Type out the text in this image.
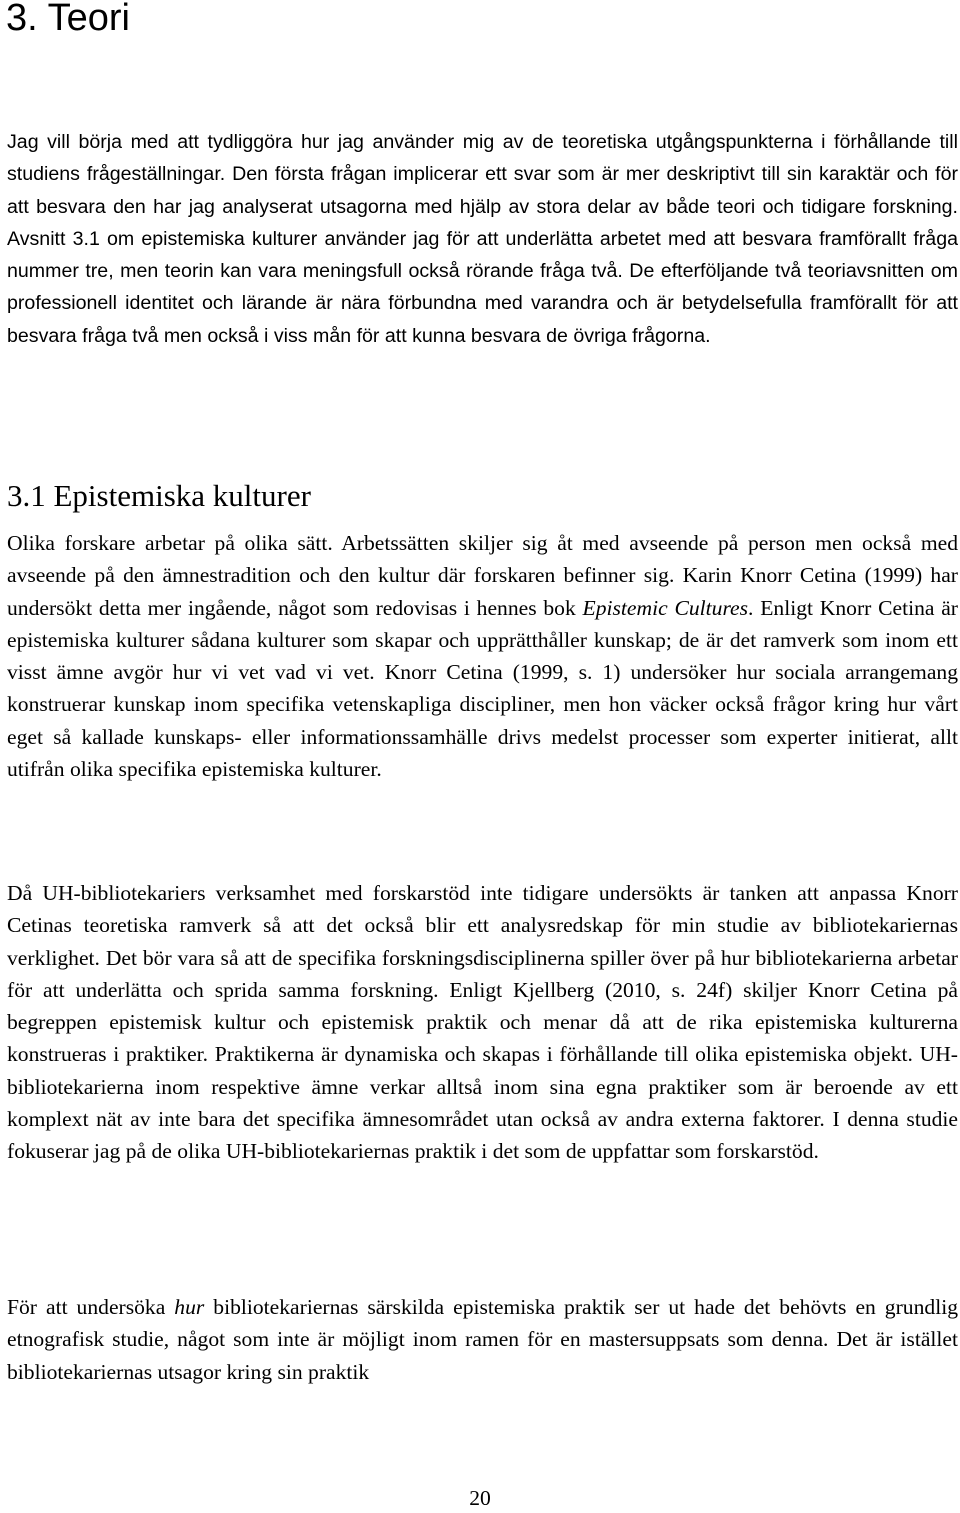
3. Teori

Jag vill börja med att tydliggöra hur jag använder mig av de teoretiska utgångspunkterna i förhållande till studiens frågeställningar. Den första frågan implicerar ett svar som är mer deskriptivt till sin karaktär och för att besvara den har jag analyserat utsagorna med hjälp av stora delar av både teori och tidigare forskning. Avsnitt 3.1 om epistemiska kulturer använder jag för att underlätta arbetet med att besvara framförallt fråga nummer tre, men teorin kan vara meningsfull också rörande fråga två. De efterföljande två teoriavsnitten om professionell identitet och lärande är nära förbundna med varandra och är betydelsefulla framförallt för att besvara fråga två men också i viss mån för att kunna besvara de övriga frågorna.

3.1 Epistemiska kulturer

Olika forskare arbetar på olika sätt. Arbetssätten skiljer sig åt med avseende på person men också med avseende på den ämnestradition och den kultur där forskaren befinner sig. Karin Knorr Cetina (1999) har undersökt detta mer ingående, något som redovisas i hennes bok Epistemic Cultures. Enligt Knorr Cetina är epistemiska kulturer sådana kulturer som skapar och upprätthåller kunskap; de är det ramverk som inom ett visst ämne avgör hur vi vet vad vi vet. Knorr Cetina (1999, s. 1) undersöker hur sociala arrangemang konstruerar kunskap inom specifika vetenskapliga discipliner, men hon väcker också frågor kring hur vårt eget så kallade kunskaps- eller informationssamhälle drivs medelst processer som experter initierat, allt utifrån olika specifika epistemiska kulturer.

Då UH-bibliotekariers verksamhet med forskarstöd inte tidigare undersökts är tanken att anpassa Knorr Cetinas teoretiska ramverk så att det också blir ett analysredskap för min studie av bibliotekariernas verklighet. Det bör vara så att de specifika forskningsdisciplinerna spiller över på hur bibliotekarierna arbetar för att underlätta och sprida samma forskning. Enligt Kjellberg (2010, s. 24f) skiljer Knorr Cetina på begreppen epistemisk kultur och epistemisk praktik och menar då att de rika epistemiska kulturerna konstrueras i praktiker. Praktikerna är dynamiska och skapas i förhållande till olika epistemiska objekt. UH-bibliotekarierna inom respektive ämne verkar alltså inom sina egna praktiker som är beroende av ett komplext nät av inte bara det specifika ämnesområdet utan också av andra externa faktorer. I denna studie fokuserar jag på de olika UH-bibliotekariernas praktik i det som de uppfattar som forskarstöd.

För att undersöka hur bibliotekariernas särskilda epistemiska praktik ser ut hade det behövts en grundlig etnografisk studie, något som inte är möjligt inom ramen för en mastersuppsats som denna. Det är istället bibliotekariernas utsagor kring sin praktik

20
